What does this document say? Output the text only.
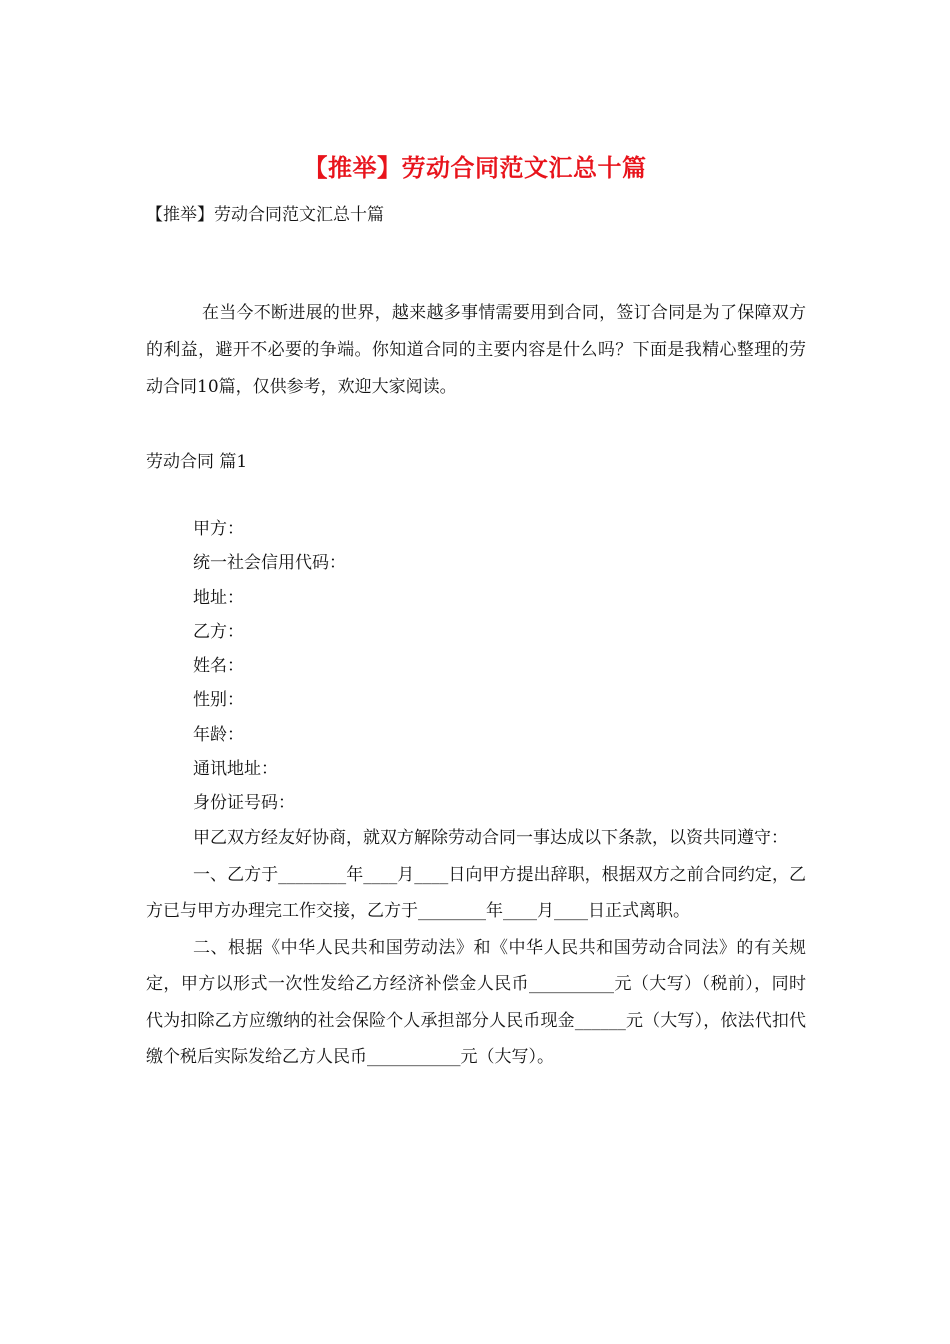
【推举】劳动合同范文汇总十篇
【推举】劳动合同范文汇总十篇
在当今不断进展的世界，越来越多事情需要用到合同，签订合同是为了保障双方的利益，避开不必要的争端。你知道合同的主要内容是什么吗？下面是我精心整理的劳动合同10篇，仅供参考，欢迎大家阅读。
劳动合同 篇1
甲方：
统一社会信用代码：
地址：
乙方：
姓名：
性别：
年龄：
通讯地址：
身份证号码：

甲乙双方经友好协商，就双方解除劳动合同一事达成以下条款，以资共同遵守：

一、乙方于________年____月____日向甲方提出辞职，根据双方之前合同约定，乙方已与甲方办理完工作交接，乙方于________年____月____日正式离职。

二、根据《中华人民共和国劳动法》和《中华人民共和国劳动合同法》的有关规定，甲方以形式一次性发给乙方经济补偿金人民币__________元（大写）（税前），同时代为扣除乙方应缴纳的社会保险个人承担部分人民币现金______元（大写），依法代扣代缴个税后实际发给乙方人民币___________元（大写）。
